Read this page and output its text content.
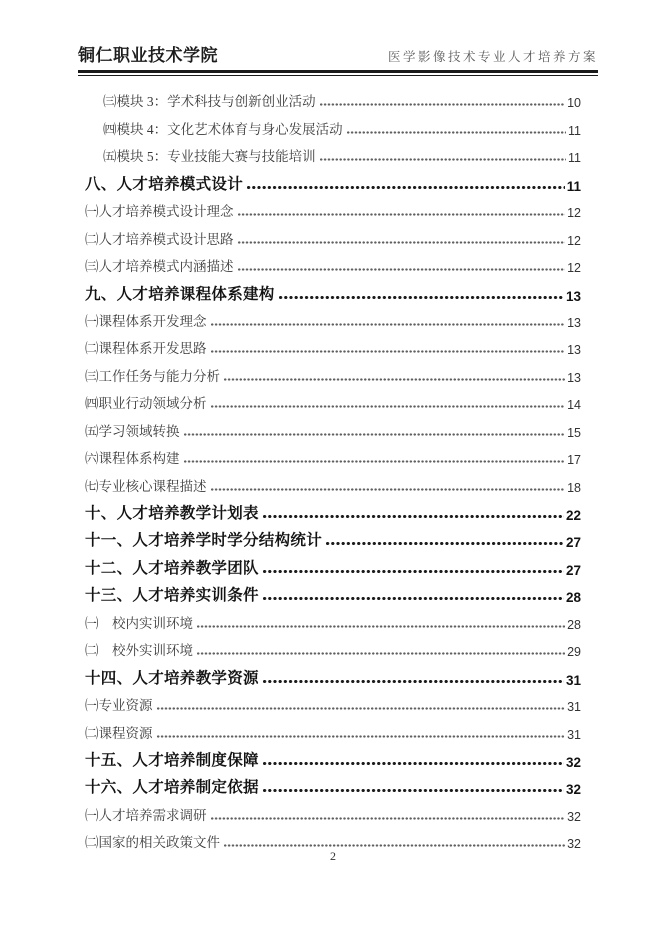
铜仁职业技术学院	医学影像技术专业人才培养方案
㈢模块 3：学术科技与创新创业活动	10
㈣模块 4：文化艺术体育与身心发展活动	11
㈤模块 5：专业技能大赛与技能培训	11
八、人才培养模式设计	11
㈠人才培养模式设计理念	12
㈡人才培养模式设计思路	12
㈢人才培养模式内涵描述	12
九、人才培养课程体系建构	13
㈠课程体系开发理念	13
㈡课程体系开发思路	13
㈢工作任务与能力分析	13
㈣职业行动领域分析	14
㈤学习领域转换	15
㈥课程体系构建	17
㈦专业核心课程描述	18
十、人才培养教学计划表	22
十一、人才培养学时学分结构统计	27
十二、人才培养教学团队	27
十三、人才培养实训条件	28
㈠　校内实训环境	28
㈡　校外实训环境	29
十四、人才培养教学资源	31
㈠专业资源	31
㈡课程资源	31
十五、人才培养制度保障	32
十六、人才培养制定依据	32
㈠人才培养需求调研	32
㈡国家的相关政策文件	32
2
